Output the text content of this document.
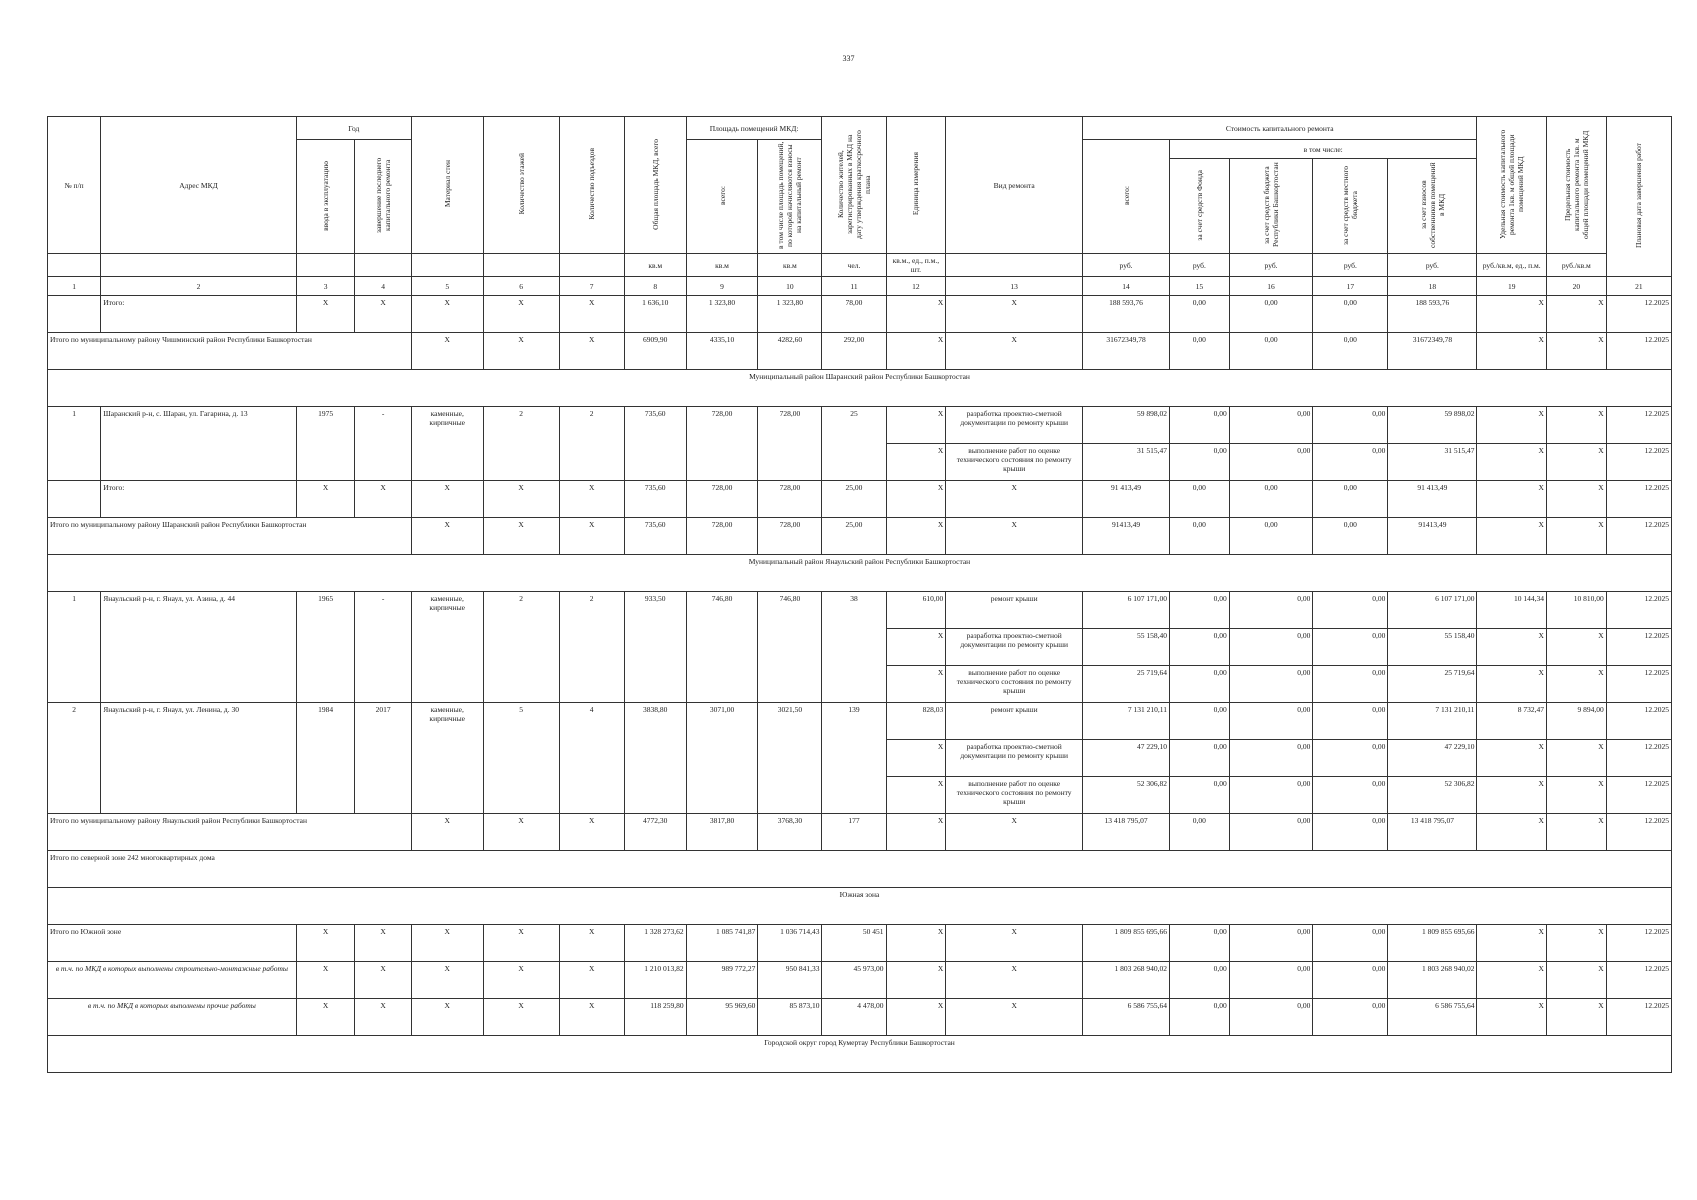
337
№ п/п	Адрес МКД	Год		Материал стен	Количество этажей	Количество подъездов	Общая площадь МКД, всего	Площадь помещений МКД:		Количество жителей, зарегистрированных в МКД на дату утверждения краткосрочного плана	Единица измерения	Вид ремонта	Стоимость капитального ремонта					Удельная стоимость капитального ремонта 1кв. м общей площади помещений МКД	Предельная стоимость капитального ремонта 1кв. м общей площади помещений МКД	Плановая дата завершения работ
		ввода в эксплуатацию	завершение последнего капитального ремонта					всего:	в том числе площадь помещений, по которой начисляются взносы на капитальный ремонт				всего:	в том числе:						
														за счет средств Фонда	за счет средств бюджета Республики Башкортостан	за счет средств местного бюджета	за счет взносов собственников помещений в МКД			
							кв.м	кв.м	кв.м	чел.	кв.м., ед., п.м., шт.		руб.	руб.	руб.	руб.	руб.	руб./кв.м, ед., п.м.	руб./кв.м	
1	2	3	4	5	6	7	8	9	10	11	12	13	14	15	16	17	18	19	20	21
	Итого:	X	X	X	X	X	1 636,10	1 323,80	1 323,80	78,00	X	X	188 593,76	0,00	0,00	0,00	188 593,76	X	X	12.2025
Итого по муниципальному району Чишминский район Республики Башкортостан				X	X	X	6909,90	4335,10	4282,60	292,00	X	X	31672349,78	0,00	0,00	0,00	31672349,78	X	X	12.2025
Муниципальный район Шаранский район Республики Башкортостан																				
1	Шаранский р-н, с. Шаран, ул. Гагарина, д. 13	1975	-	каменные, кирпичные	2	2	735,60	728,00	728,00	25	X	разработка проектно-сметной документации по ремонту крыши	59 898,02	0,00	0,00	0,00	59 898,02	X	X	12.2025
											X	выполнение работ по оценке технического состояния по ремонту крыши	31 515,47	0,00	0,00	0,00	31 515,47	X	X	12.2025
	Итого:	X	X	X	X	X	735,60	728,00	728,00	25,00	X	X	91 413,49	0,00	0,00	0,00	91 413,49	X	X	12.2025
Итого по муниципальному району Шаранский район Республики Башкортостан				X	X	X	735,60	728,00	728,00	25,00	X	X	91413,49	0,00	0,00	0,00	91413,49	X	X	12.2025
Муниципальный район Янаульский район Республики Башкортостан																				
1	Янаульский р-н, г. Янаул, ул. Азина, д. 44	1965	-	каменные, кирпичные	2	2	933,50	746,80	746,80	38	610,00	ремонт крыши	6 107 171,00	0,00	0,00	0,00	6 107 171,00	10 144,34	10 810,00	12.2025
											X	разработка проектно-сметной документации по ремонту крыши	55 158,40	0,00	0,00	0,00	55 158,40	X	X	12.2025
											X	выполнение работ по оценке технического состояния по ремонту крыши	25 719,64	0,00	0,00	0,00	25 719,64	X	X	12.2025
2	Янаульский р-н, г. Янаул, ул. Ленина, д. 30	1984	2017	каменные, кирпичные	5	4	3838,80	3071,00	3021,50	139	828,03	ремонт крыши	7 131 210,11	0,00	0,00	0,00	7 131 210,11	8 732,47	9 894,00	12.2025
											X	разработка проектно-сметной документации по ремонту крыши	47 229,10	0,00	0,00	0,00	47 229,10	X	X	12.2025
											X	выполнение работ по оценке технического состояния по ремонту крыши	52 306,82	0,00	0,00	0,00	52 306,82	X	X	12.2025
Итого по муниципальному району Янаульский район Республики Башкортостан				X	X	X	4772,30	3817,80	3768,30	177	X	X	13 418 795,07	0,00	0,00	0,00	13 418 795,07	X	X	12.2025
Итого по северной зоне 242 многоквартирных дома																				
Южная зона																				
Итого по Южной зоне		X	X	X	X	X	1 328 273,62	1 085 741,87	1 036 714,43	50 451	X	X	1 809 855 695,66	0,00	0,00	0,00	1 809 855 695,66	X	X	12.2025
в т.ч. по МКД в которых выполнены строительно-монтажные работы		X	X	X	X	X	1 210 013,82	989 772,27	950 841,33	45 973,00	X	X	1 803 268 940,02	0,00	0,00	0,00	1 803 268 940,02	X	X	12.2025
в т.ч. по МКД в которых выполнены прочие работы		X	X	X	X	X	118 259,80	95 969,60	85 873,10	4 478,00	X	X	6 586 755,64	0,00	0,00	0,00	6 586 755,64	X	X	12.2025
Городской округ город Кумертау Республики Башкортостан																				
